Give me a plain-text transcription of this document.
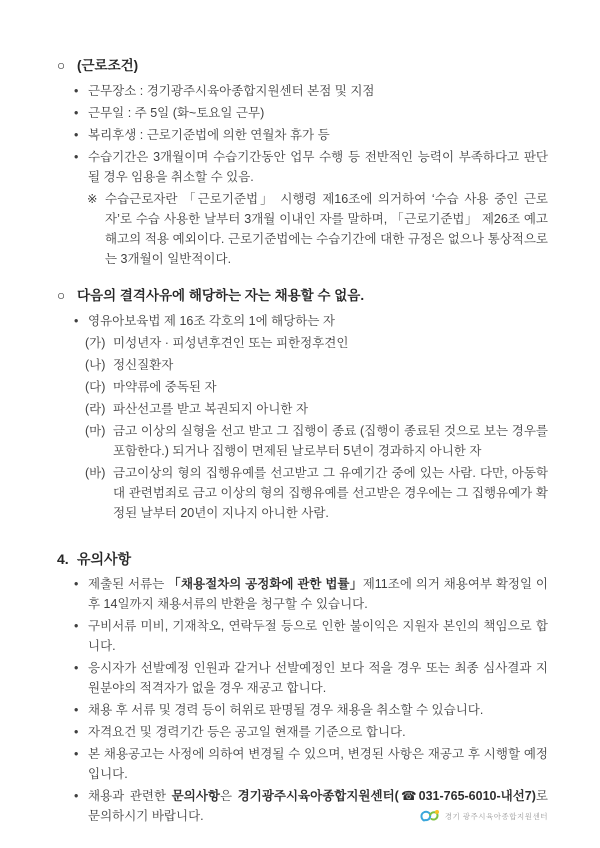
○ (근로조건)
• 근무장소 : 경기광주시육아종합지원센터 본점 및 지점
• 근무일 : 주 5일 (화~토요일 근무)
• 복리후생 : 근로기준법에 의한 연월차 휴가 등
• 수습기간은 3개월이며 수습기간동안 업무 수행 등 전반적인 능력이 부족하다고 판단 될 경우 임용을 취소할 수 있음.
※ 수습근로자란 「근로기준법」 시행령 제16조에 의거하여 ‘수습 사용 중인 근로자’로 수습 사용한 날부터 3개월 이내인 자를 말하며, 「근로기준법」 제26조 예고해고의 적용 예외이다. 근로기준법에는 수습기간에 대한 규정은 없으나 통상적으로는 3개월이 일반적이다.
○ 다음의 결격사유에 해당하는 자는 채용할 수 없음.
• 영유아보육법 제 16조 각호의 1에 해당하는 자
(가) 미성년자 · 피성년후견인 또는 피한정후견인
(나) 정신질환자
(다) 마약류에 중독된 자
(라) 파산선고를 받고 복권되지 아니한 자
(마) 금고 이상의 실형을 선고 받고 그 집행이 종료 (집행이 종료된 것으로 보는 경우를 포함한다.) 되거나 집행이 면제된 날로부터 5년이 경과하지 아니한 자
(바) 금고이상의 형의 집행유예를 선고받고 그 유예기간 중에 있는 사람. 다만, 아동학대 관련범죄로 금고 이상의 형의 집행유예를 선고받은 경우에는 그 집행유예가 확정된 날부터 20년이 지나지 아니한 사람.
4. 유의사항
• 제출된 서류는 「채용절차의 공정화에 관한 법률」제11조에 의거 채용여부 확정일 이후 14일까지 채용서류의 반환을 청구할 수 있습니다.
• 구비서류 미비, 기재착오, 연락두절 등으로 인한 불이익은 지원자 본인의 책임으로 합니다.
• 응시자가 선발예정 인원과 같거나 선발예정인 보다 적을 경우 또는 최종 심사결과 지원분야의 적격자가 없을 경우 재공고 합니다.
• 채용 후 서류 및 경력 등이 허위로 판명될 경우 채용을 취소할 수 있습니다.
• 자격요건 및 경력기간 등은 공고일 현재를 기준으로 합니다.
• 본 채용공고는 사정에 의하여 변경될 수 있으며, 변경된 사항은 재공고 후 시행할 예정 입니다.
• 채용과 관련한 문의사항은 경기광주시육아종합지원센터(☎031-765-6010-내선7)로 문의하시기 바랍니다.	경기 광주시육아종합지원센터
